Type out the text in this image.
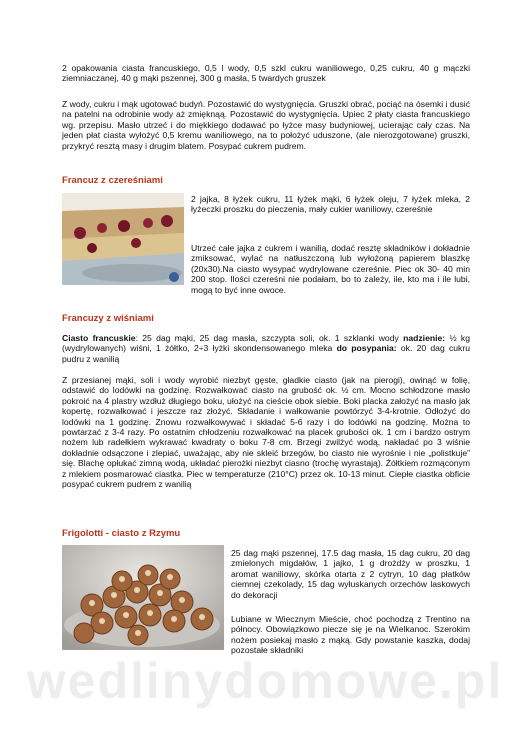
2 opakowania ciasta francuskiego, 0,5 l wody, 0,5 szkl cukru waniliowego, 0,25 cukru, 40 g mączki ziemniaczanej, 40 g mąki pszennej, 300 g masła, 5 twardych gruszek

Z wody, cukru i mąk ugotować budyń. Pozostawić do wystygnięcia. Gruszki obrać, pociąć na ósemki i dusić na patelni na odrobinie wody aż zmięknąą. Pozostawić do wystygnięcia. Upiec 2 płaty ciasta francuskiego wg. przepisu. Masło utrzeć i do miękkiego dodawać po łyżce masy budyniowej, ucierając cały czas. Na jeden płat ciasta wyłożyć 0,5 kremu waniliowego, na to położyć uduszone, (ale nierozgotowane) gruszki, przykryć resztą masy i drugim blatem. Posypać cukrem pudrem.

Francuz z czereśniami

2 jajka, 8 łyżek cukru, 11 łyżek mąki, 6 łyżek oleju, 7 łyżek mleka, 2 łyżeczki proszku do pieczenia, mały cukier waniliowy, czereśnie

Utrzeć całe jajka z cukrem i wanilią, dodać resztę składników i dokładnie zmiksować, wylać na natłuszczoną lub wyłożoną papierem blaszkę (20x30).Na ciasto wysypać wydrylowane czereśnie. Piec ok 30- 40 min 200 stop. Ilości czereśni nie podałam, bo to zależy, ile, kto ma i ile lubi, mogą to być inne owoce.

Francuzy z wiśniami

Ciasto francuskie: 25 dag mąki, 25 dag masła, szczypta soli, ok. 1 szklanki wody nadzienie: ½ kg (wydrylowanych) wiśni, 1 żółtko, 2÷3 łyżki skondensowanego mleka do posypania: ok. 20 dag cukru pudru z wanilią

Z przesianej mąki, soli i wody wyrobić niezbyt gęste, gładkie ciasto (jak na pierogi), owinąć w folię, odstawić do lodówki na godzinę. Rozwałkować ciasto na grubość ok. ½ cm. Mocno schłodzone masło pokroić na 4 plastry wzdłuż długiego boku, ułożyć na cieście obok siebie. Boki placka założyć na masło jak kopertę, rozwałkować i jeszcze raz złożyć. Składanie i wałkowanie powtórzyć 3-4-krotnie. Odłożyć do lodówki na 1 godzinę. Znowu rozwałkowywać i składać 5-6 razy i do lodówki na godzinę. Można to powtarzać z 3-4 razy. Po ostatnim chłodzeniu rozwałkować na placek grubości ok. 1 cm i bardzo ostrym nożem lub radełkiem wykrawać kwadraty o boku 7-8 cm. Brzegi zwilżyć wodą, nakładać po 3 wiśnie dokładnie odsączone i zlepiać, uważając, aby nie skleić brzegów, bo ciasto nie wyrośnie i nie „polistkuje” się. Blachę opłukać zimną wodą, układać pierożki niezbyt ciasno (trochę wyrastają). Żółtkiem rozmąconym z mlekiem posmarować ciastka. Piec w temperaturze (210°C) przez ok. 10-13 minut. Ciepłe ciastka obficie posypać cukrem pudrem z wanilią

Frigolotti - ciasto z Rzymu

25 dag mąki pszennej, 17.5 dag masła, 15 dag cukru, 20 dag zmielonych migdałów, 1 jajko, 1 g drożdży w proszku, 1 aromat waniliowy, skórka otarta z 2 cytryn, 10 dag płatków ciemnej czekolady, 15 dag wyłuskanych orzechów laskowych do dekoracji

Lubiane w Wiecznym Mieście, choć pochodzą z Trentino na północy. Obowiązkowo piecze się je na Wielkanoc. Szerokim nożem posiekaj masło z mąką. Gdy powstanie kaszka, dodaj pozostałe składniki

wedlinydomowe.pl
